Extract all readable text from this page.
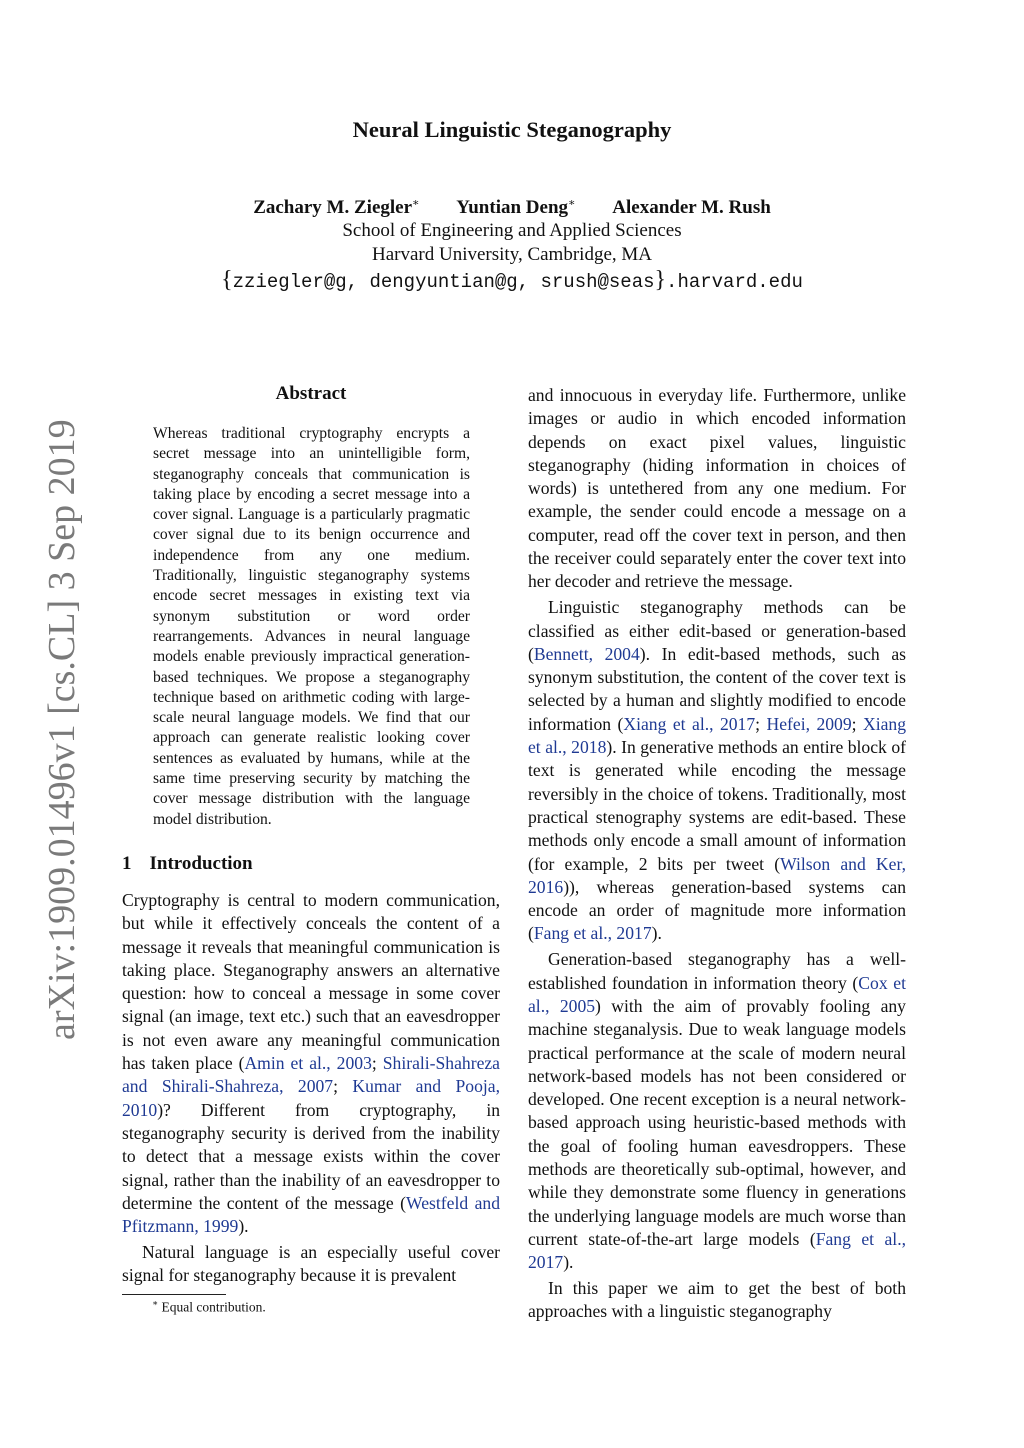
Neural Linguistic Steganography
Zachary M. Ziegler∗ Yuntian Deng∗ Alexander M. Rush
School of Engineering and Applied Sciences
Harvard University, Cambridge, MA
{zziegler@g, dengyuntian@g, srush@seas}.harvard.edu
arXiv:1909.01496v1 [cs.CL] 3 Sep 2019
Abstract
Whereas traditional cryptography encrypts a secret message into an unintelligible form, steganography conceals that communication is taking place by encoding a secret message into a cover signal. Language is a particularly pragmatic cover signal due to its benign occurrence and independence from any one medium. Traditionally, linguistic steganography systems encode secret messages in existing text via synonym substitution or word order rearrangements. Advances in neural language models enable previously impractical generation-based techniques. We propose a steganography technique based on arithmetic coding with large-scale neural language models. We find that our approach can generate realistic looking cover sentences as evaluated by humans, while at the same time preserving security by matching the cover message distribution with the language model distribution.
1 Introduction

Cryptography is central to modern communication, but while it effectively conceals the content of a message it reveals that meaningful communication is taking place. Steganography answers an alternative question: how to conceal a message in some cover signal (an image, text etc.) such that an eavesdropper is not even aware any meaningful communication has taken place (Amin et al., 2003; Shirali-Shahreza and Shirali-Shahreza, 2007; Kumar and Pooja, 2010)? Different from cryptography, in steganography security is derived from the inability to detect that a message exists within the cover signal, rather than the inability of an eavesdropper to determine the content of the message (Westfeld and Pfitzmann, 1999).

Natural language is an especially useful cover signal for steganography because it is prevalent

and innocuous in everyday life. Furthermore, unlike images or audio in which encoded information depends on exact pixel values, linguistic steganography (hiding information in choices of words) is untethered from any one medium. For example, the sender could encode a message on a computer, read off the cover text in person, and then the receiver could separately enter the cover text into her decoder and retrieve the message.

Linguistic steganography methods can be classified as either edit-based or generation-based (Bennett, 2004). In edit-based methods, such as synonym substitution, the content of the cover text is selected by a human and slightly modified to encode information (Xiang et al., 2017; Hefei, 2009; Xiang et al., 2018). In generative methods an entire block of text is generated while encoding the message reversibly in the choice of tokens. Traditionally, most practical stenography systems are edit-based. These methods only encode a small amount of information (for example, 2 bits per tweet (Wilson and Ker, 2016)), whereas generation-based systems can encode an order of magnitude more information (Fang et al., 2017).

Generation-based steganography has a well-established foundation in information theory (Cox et al., 2005) with the aim of provably fooling any machine steganalysis. Due to weak language models practical performance at the scale of modern neural network-based models has not been considered or developed. One recent exception is a neural network-based approach using heuristic-based methods with the goal of fooling human eavesdroppers. These methods are theoretically sub-optimal, however, and while they demonstrate some fluency in generations the underlying language models are much worse than current state-of-the-art large models (Fang et al., 2017).

In this paper we aim to get the best of both approaches with a linguistic steganography

∗ Equal contribution.
